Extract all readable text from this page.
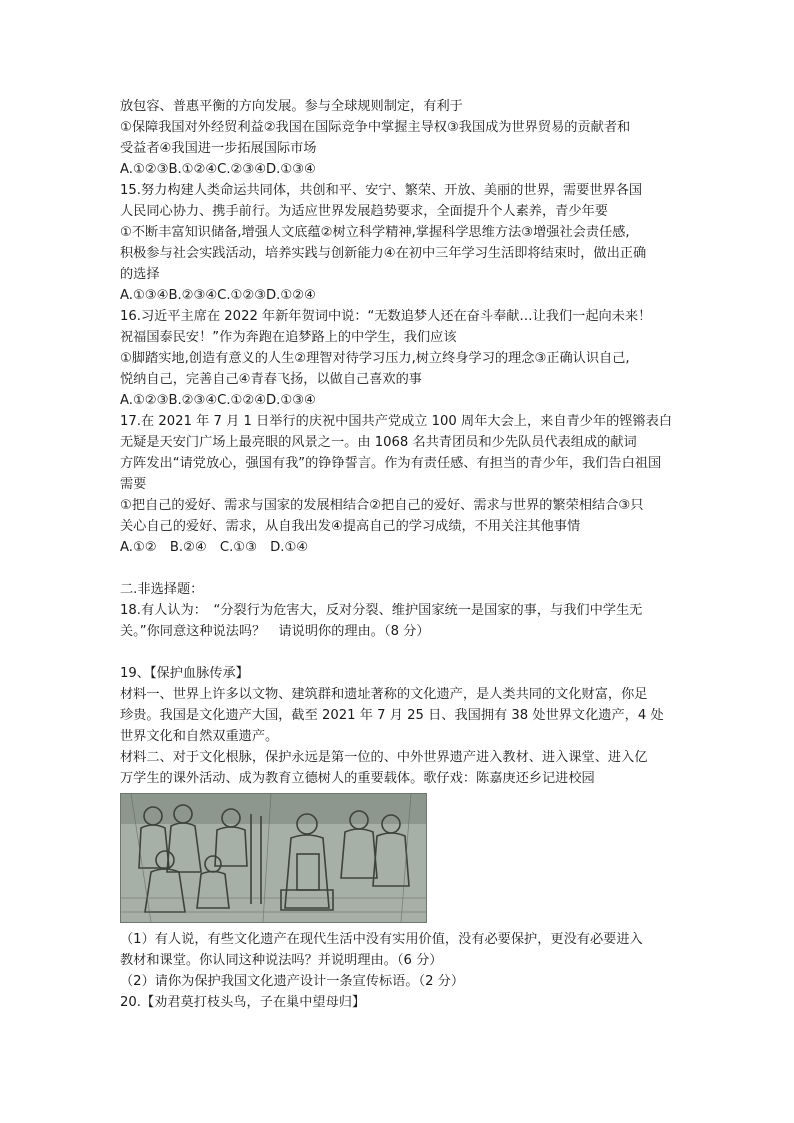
放包容、普惠平衡的方向发展。参与全球规则制定，有利于
①保障我国对外经贸利益②我国在国际竞争中掌握主导权③我国成为世界贸易的贡献者和
受益者④我国进一步拓展国际市场
A.①②③B.①②④C.②③④D.①③④
15.努力构建人类命运共同体，共创和平、安宁、繁荣、开放、美丽的世界，需要世界各国
人民同心协力、携手前行。为适应世界发展趋势要求，全面提升个人素养，青少年要
①不断丰富知识储备,增强人文底蕴②树立科学精神,掌握科学思维方法③增强社会责任感,
积极参与社会实践活动，培养实践与创新能力④在初中三年学习生活即将结束时，做出正确
的选择
A.①③④B.②③④C.①②③D.①②④
16.习近平主席在 2022 年新年贺词中说：“无数追梦人还在奋斗奉献…让我们一起向未来！
祝福国泰民安！”作为奔跑在追梦路上的中学生，我们应该
①脚踏实地,创造有意义的人生②理智对待学习压力,树立终身学习的理念③正确认识自己,
悦纳自己，完善自己④青春飞扬，以做自己喜欢的事
A.①②③B.②③④C.①②④D.①③④
17.在 2021 年 7 月 1 日举行的庆祝中国共产党成立 100 周年大会上，来自青少年的铿锵表白
无疑是天安门广场上最亮眼的风景之一。由 1068 名共青团员和少先队员代表组成的献词
方阵发出“请党放心，强国有我”的铮铮誓言。作为有责任感、有担当的青少年，我们告白祖国
需要
①把自己的爱好、需求与国家的发展相结合②把自己的爱好、需求与世界的繁荣相结合③只
关心自己的爱好、需求，从自我出发④提高自己的学习成绩，不用关注其他事情
A.①②　B.②④　C.①③　D.①④
二.非选择题：
18.有人认为：　“分裂行为危害大，反对分裂、维护国家统一是国家的事，与我们中学生无
关。”你同意这种说法吗？　请说明你的理由。（8 分）
19、【保护血脉传承】
材料一、世界上许多以文物、建筑群和遗址著称的文化遗产，是人类共同的文化财富，你足
珍贵。我国是文化遗产大国，截至 2021 年 7 月 25 日、我国拥有 38 处世界文化遗产，4 处
世界文化和自然双重遗产。
材料二、对于文化根脉，保护永远是第一位的、中外世界遗产进入教材、进入课堂、进入亿
万学生的课外活动、成为教育立德树人的重要载体。歌仔戏：陈嘉庚还乡记进校园
（1）有人说，有些文化遗产在现代生活中没有实用价值，没有必要保护，更没有必要进入
教材和课堂。你认同这种说法吗？并说明理由。（6 分）
（2）请你为保护我国文化遗产设计一条宣传标语。（2 分）
20.【劝君莫打枝头鸟，子在巢中望母归】
